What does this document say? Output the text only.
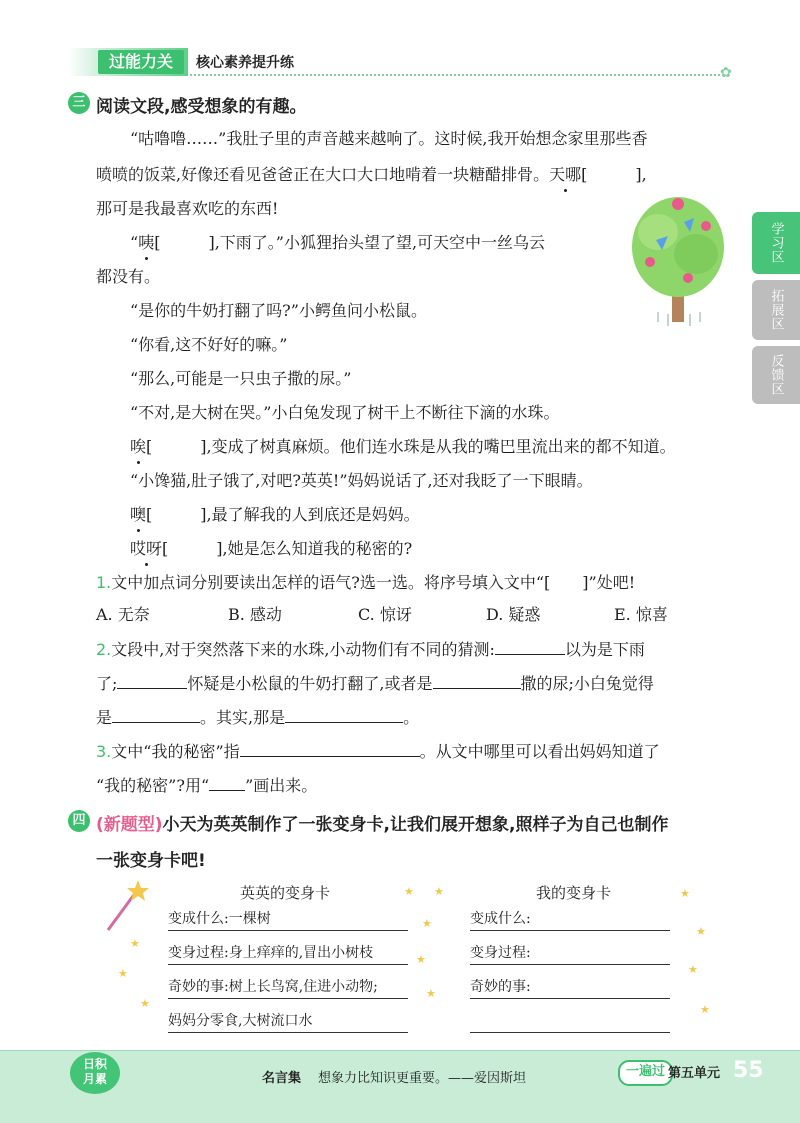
过能力关	核心素养提升练
✿
学习区
拓展区
反馈区
三 阅读文段,感受想象的有趣。
“咕噜噜……”我肚子里的声音越来越响了。这时候,我开始想念家里那些香
喷喷的饭菜,好像还看见爸爸正在大口大口地啃着一块糖醋排骨。天哪[   ],
那可是我最喜欢吃的东西!
“咦[   ],下雨了。”小狐狸抬头望了望,可天空中一丝乌云
都没有。
“是你的牛奶打翻了吗?”小鳄鱼问小松鼠。
“你看,这不好好的嘛。”
“那么,可能是一只虫子撒的尿。”
“不对,是大树在哭。”小白兔发现了树干上不断往下滴的水珠。
唉[   ],变成了树真麻烦。他们连水珠是从我的嘴巴里流出来的都不知道。
“小馋猫,肚子饿了,对吧?英英!”妈妈说话了,还对我眨了一下眼睛。
噢[   ],最了解我的人到底还是妈妈。
哎呀[   ],她是怎么知道我的秘密的?
1.文中加点词分别要读出怎样的语气?选一选。将序号填入文中“[  ]”处吧!
A. 无奈	B. 感动	C. 惊讶	D. 疑惑	E. 惊喜
2.文段中,对于突然落下来的水珠,小动物们有不同的猜测:	以为是下雨
了;	怀疑是小松鼠的牛奶打翻了,或者是	撒的尿;小白兔觉得
是	。其实,那是	。
3.文中“我的秘密”指	。从文中哪里可以看出妈妈知道了
“我的秘密”?用“ ”画出来。
四 (新题型)小天为英英制作了一张变身卡,让我们展开想象,照样子为自己也制作
一张变身卡吧!
★
★
★
★
★
★
★
★	★
★
★
★
英英的变身卡
变成什么:一棵树
变身过程:身上痒痒的,冒出小树枝
奇妙的事:树上长鸟窝,住进小动物;
妈妈分零食,大树流口水
我的变身卡
变成什么:
变身过程:
奇妙的事:
日积
月累	名言集 想象力比知识更重要。——爱因斯坦	一遍过 第五单元 55
